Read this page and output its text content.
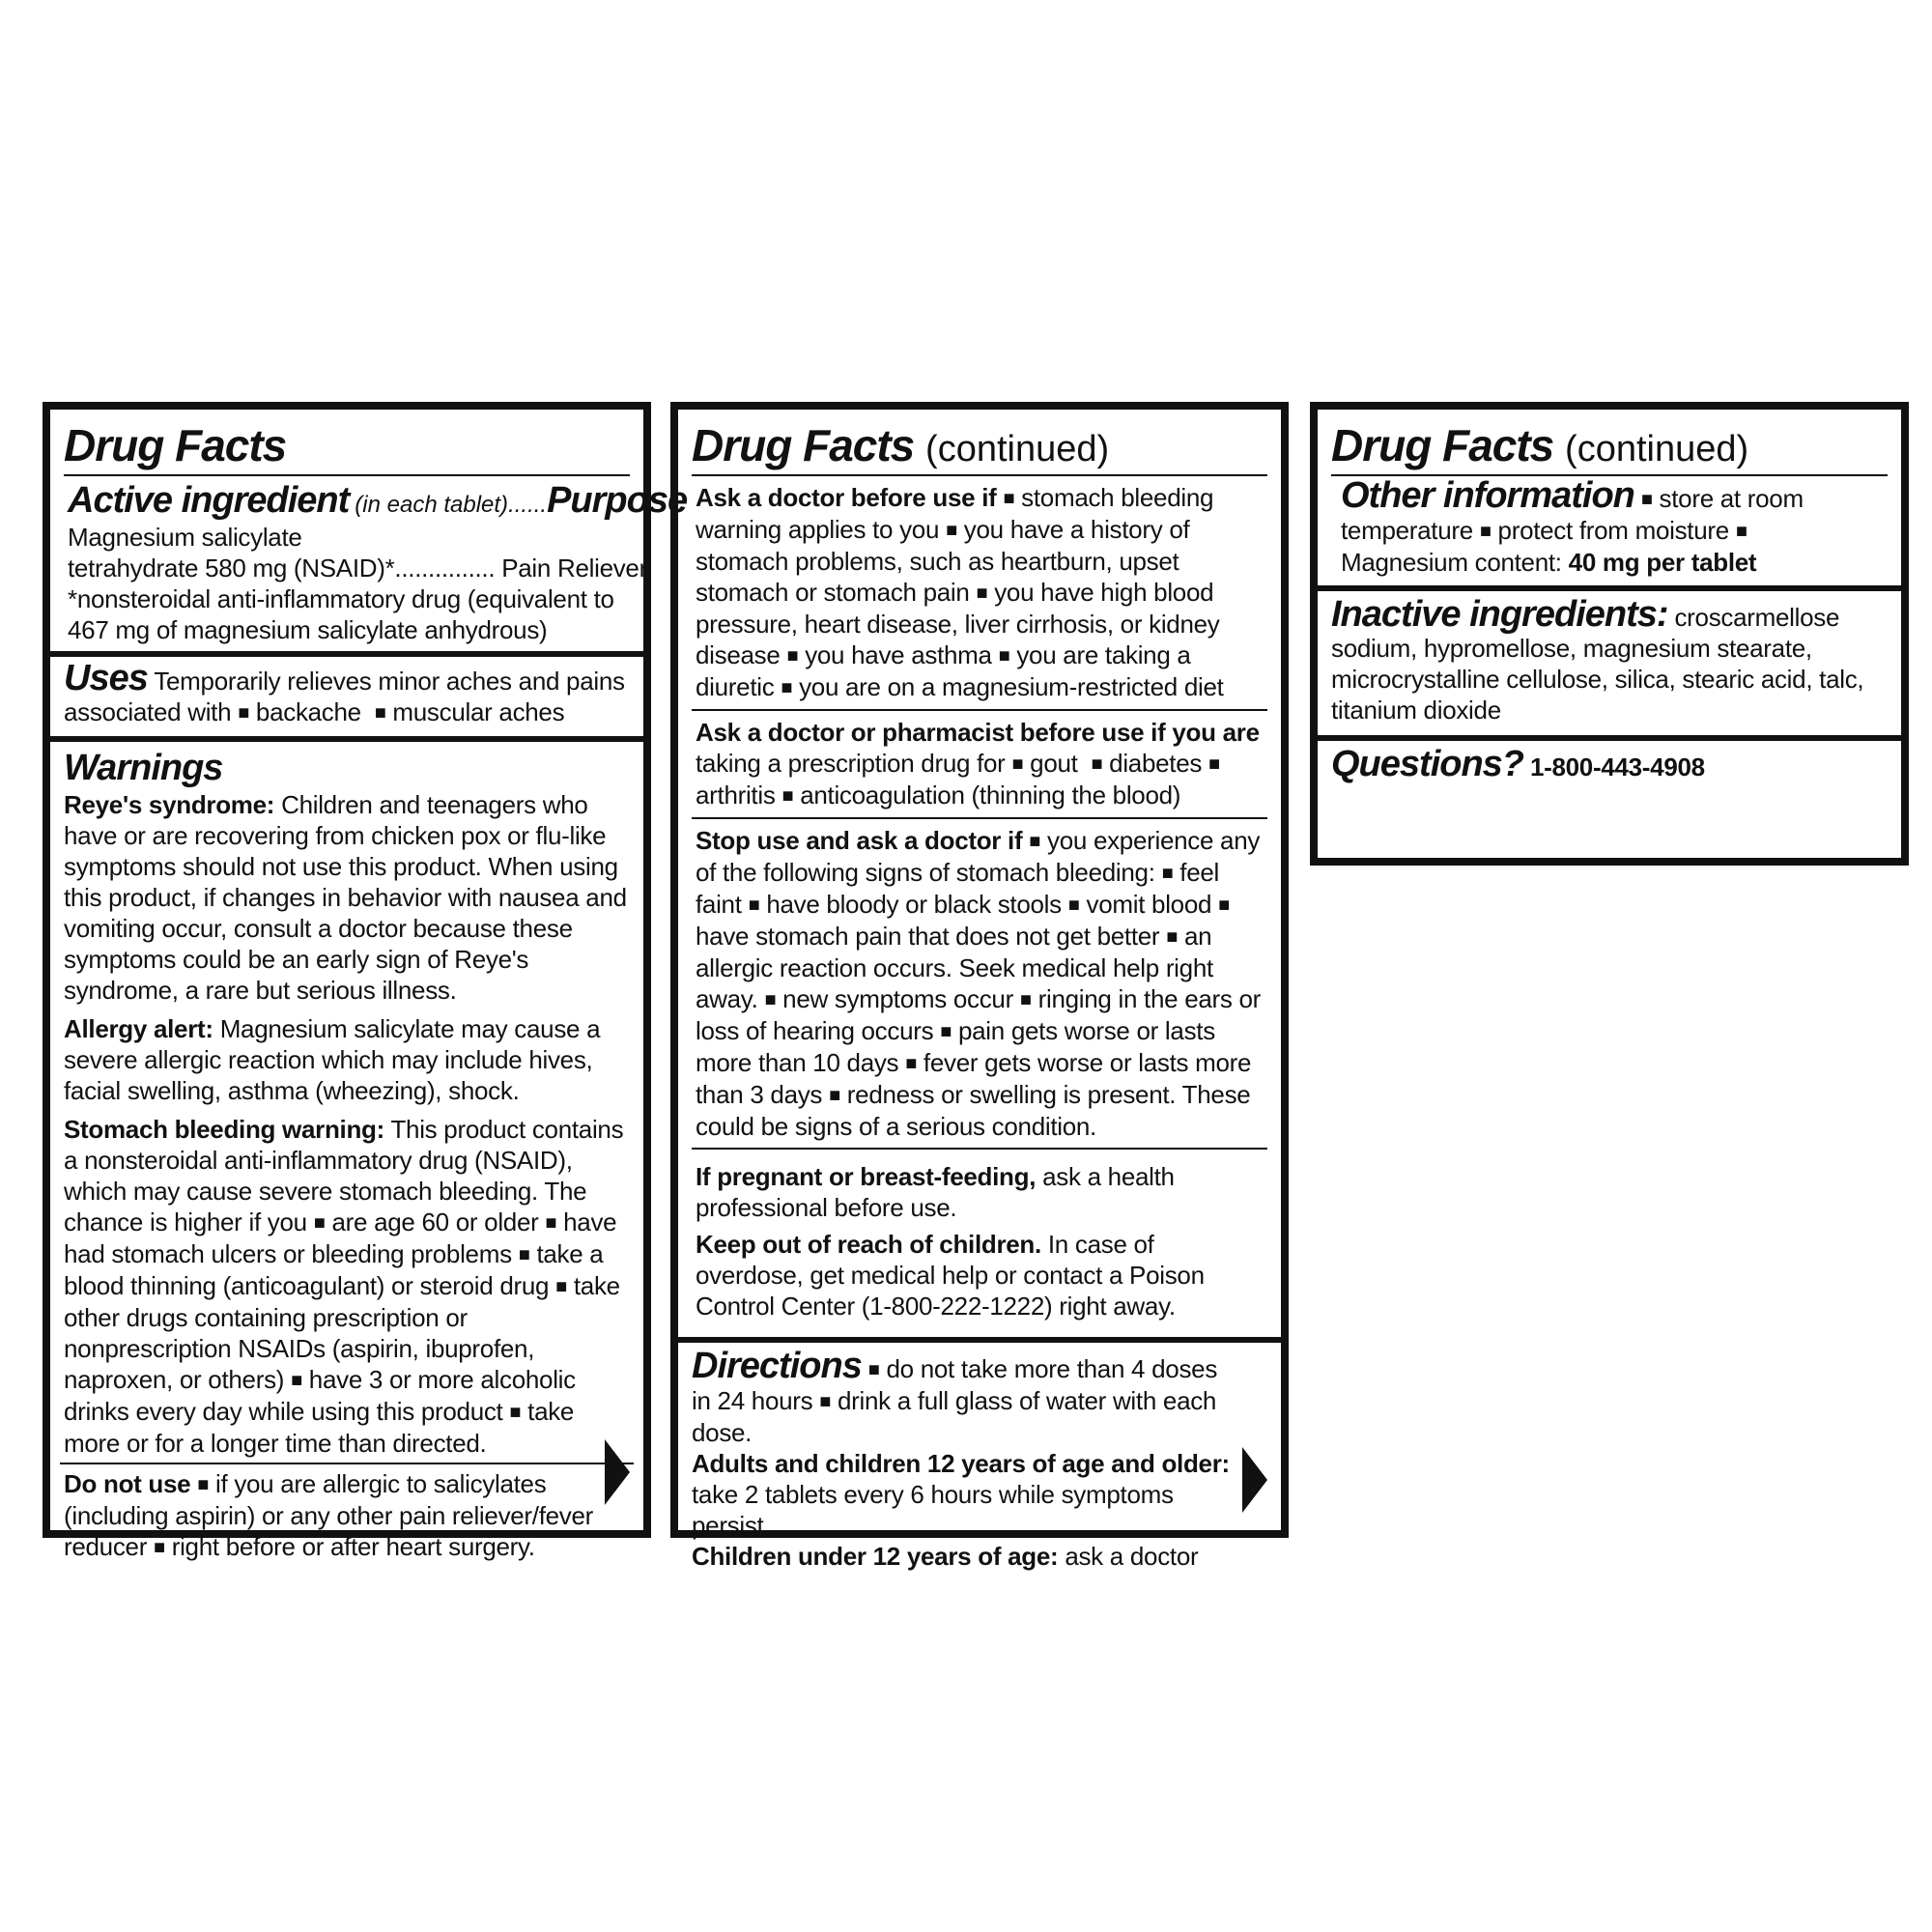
Drug Facts
Active ingredient (in each tablet) ...... Purpose
Magnesium salicylate
tetrahydrate 580 mg (NSAID)*............... Pain Reliever
*nonsteroidal anti-inflammatory drug (equivalent to 467 mg of magnesium salicylate anhydrous)

Uses Temporarily relieves minor aches and pains associated with ■ backache ■ muscular aches

Warnings

Reye's syndrome: Children and teenagers who have or are recovering from chicken pox or flu-like symptoms should not use this product. When using this product, if changes in behavior with nausea and vomiting occur, consult a doctor because these symptoms could be an early sign of Reye's syndrome, a rare but serious illness.

Allergy alert: Magnesium salicylate may cause a severe allergic reaction which may include hives, facial swelling, asthma (wheezing), shock.

Stomach bleeding warning: This product contains a nonsteroidal anti-inflammatory drug (NSAID), which may cause severe stomach bleeding. The chance is higher if you ■ are age 60 or older ■ have had stomach ulcers or bleeding problems ■ take a blood thinning (anticoagulant) or steroid drug ■ take other drugs containing prescription or nonprescription NSAIDs (aspirin, ibuprofen, naproxen, or others) ■ have 3 or more alcoholic drinks every day while using this product ■ take more or for a longer time than directed.

Do not use ■ if you are allergic to salicylates (including aspirin) or any other pain reliever/fever reducer ■ right before or after heart surgery.

Drug Facts (continued)

Ask a doctor before use if ■ stomach bleeding warning applies to you ■ you have a history of stomach problems, such as heartburn, upset stomach or stomach pain ■ you have high blood pressure, heart disease, liver cirrhosis, or kidney disease ■ you have asthma ■ you are taking a diuretic ■ you are on a magnesium-restricted diet

Ask a doctor or pharmacist before use if you are taking a prescription drug for ■ gout ■ diabetes ■ arthritis ■ anticoagulation (thinning the blood)

Stop use and ask a doctor if ■ you experience any of the following signs of stomach bleeding: ■ feel faint ■ have bloody or black stools ■ vomit blood ■ have stomach pain that does not get better ■ an allergic reaction occurs. Seek medical help right away. ■ new symptoms occur ■ ringing in the ears or loss of hearing occurs ■ pain gets worse or lasts more than 10 days ■ fever gets worse or lasts more than 3 days ■ redness or swelling is present. These could be signs of a serious condition.

If pregnant or breast-feeding, ask a health professional before use.

Keep out of reach of children. In case of overdose, get medical help or contact a Poison Control Center (1-800-222-1222) right away.

Directions ■ do not take more than 4 doses in 24 hours ■ drink a full glass of water with each dose.

Adults and children 12 years of age and older: take 2 tablets every 6 hours while symptoms persist.

Children under 12 years of age: ask a doctor

Drug Facts (continued)

Other information ■ store at room temperature ■ protect from moisture ■ Magnesium content: 40 mg per tablet

Inactive ingredients: croscarmellose sodium, hypromellose, magnesium stearate, microcrystalline cellulose, silica, stearic acid, talc, titanium dioxide

Questions? 1-800-443-4908
